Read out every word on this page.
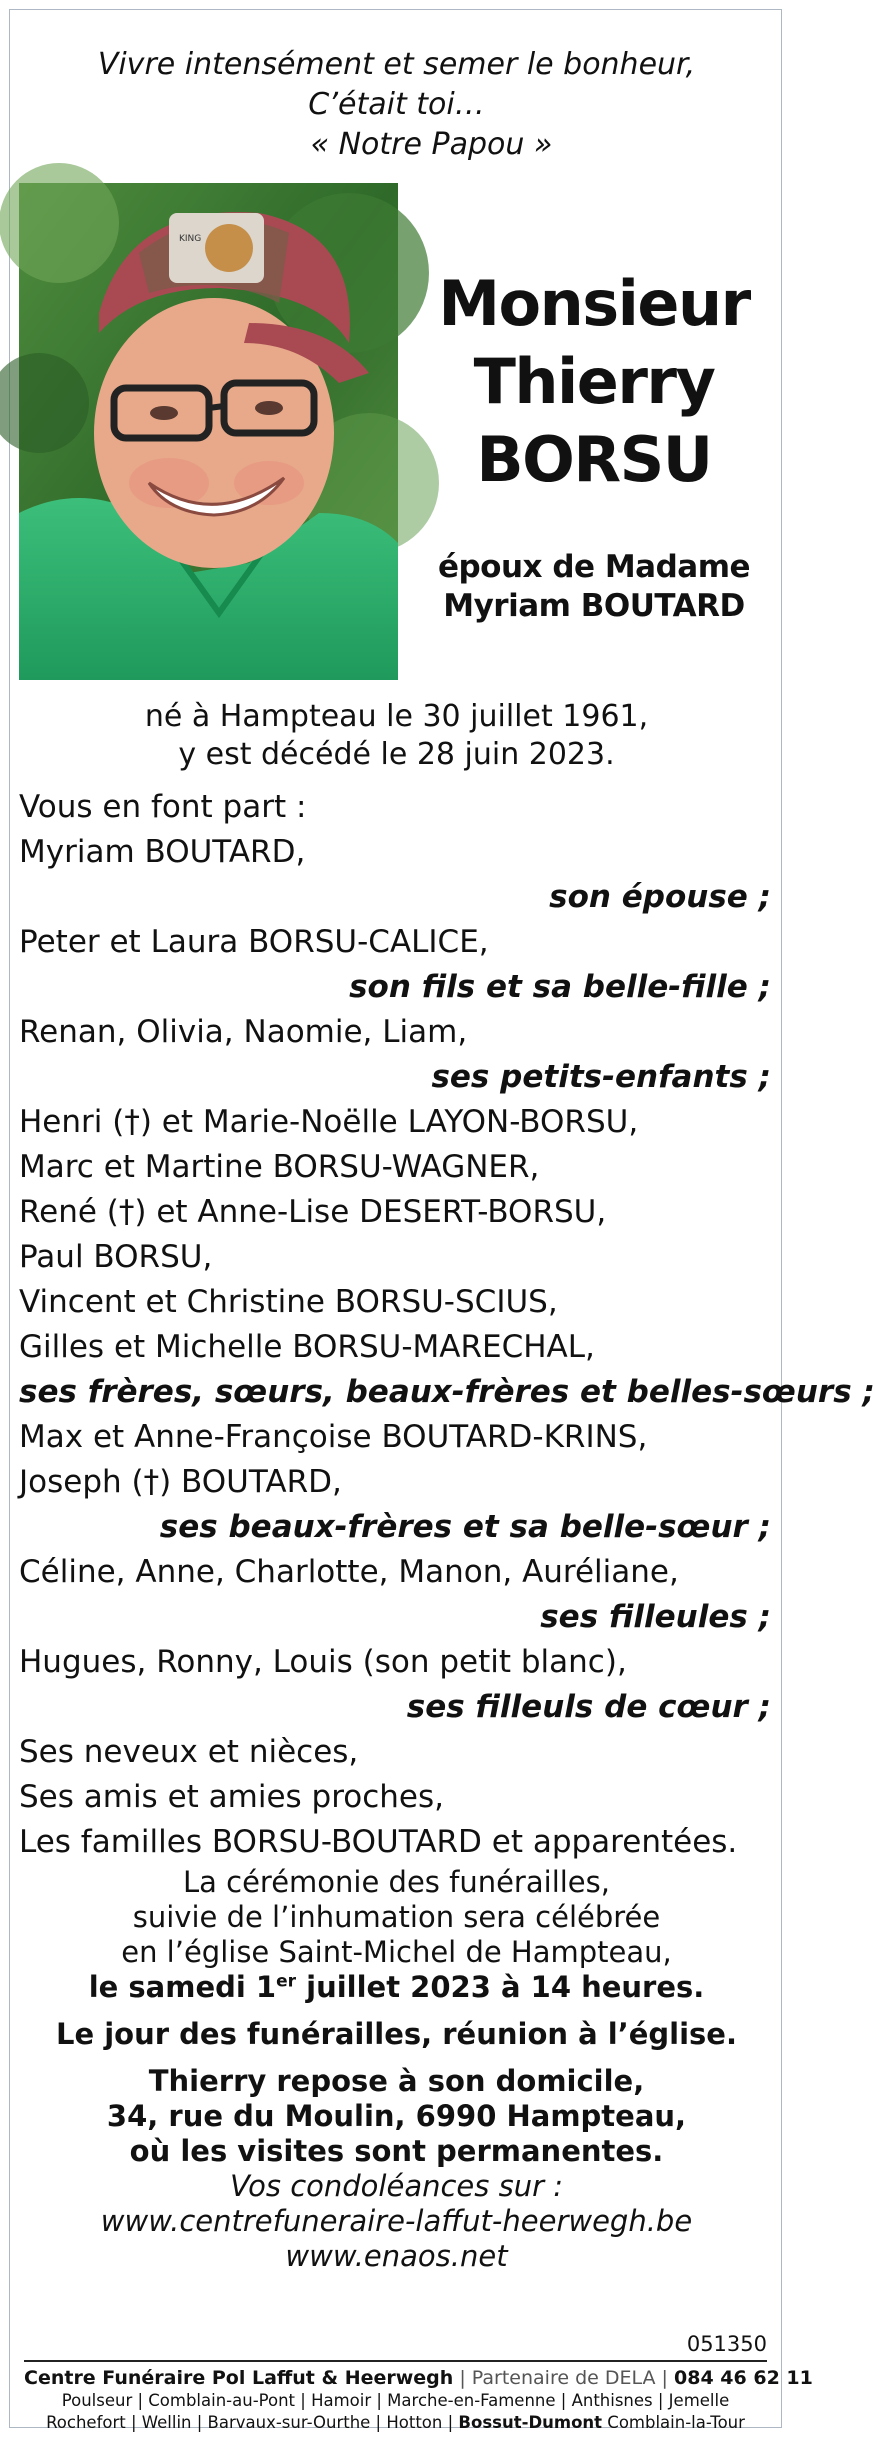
Vivre intensément et semer le bonheur,
C’était toi…
« Notre Papou »
KING
Monsieur
Thierry
BORSU
époux de Madame
Myriam BOUTARD
né à Hampteau le 30 juillet 1961,
y est décédé le 28 juin 2023.
Vous en font part :
Myriam BOUTARD,
son épouse ;
Peter et Laura BORSU-CALICE,
son fils et sa belle-fille ;
Renan, Olivia, Naomie, Liam,
ses petits-enfants ;
Henri (†) et Marie-Noëlle LAYON-BORSU,
Marc et Martine BORSU-WAGNER,
René (†) et Anne-Lise DESERT-BORSU,
Paul BORSU,
Vincent et Christine BORSU-SCIUS,
Gilles et Michelle BORSU-MARECHAL,
ses frères, sœurs, beaux-frères et belles-sœurs ;
Max et Anne-Françoise BOUTARD-KRINS,
Joseph (†) BOUTARD,
ses beaux-frères et sa belle-sœur ;
Céline, Anne, Charlotte, Manon, Auréliane,
ses filleules ;
Hugues, Ronny, Louis (son petit blanc),
ses filleuls de cœur ;
Ses neveux et nièces,
Ses amis et amies proches,
Les familles BORSU-BOUTARD et apparentées.
La cérémonie des funérailles,
suivie de l’inhumation sera célébrée
en l’église Saint-Michel de Hampteau,
le samedi 1er juillet 2023 à 14 heures.
Le jour des funérailles, réunion à l’église.
Thierry repose à son domicile,
34, rue du Moulin, 6990 Hampteau,
où les visites sont permanentes.
Vos condoléances sur :
www.centrefuneraire-laffut-heerwegh.be
www.enaos.net
051350
Centre Funéraire Pol Laffut & Heerwegh | Partenaire de DELA | 084 46 62 11
Poulseur | Comblain-au-Pont | Hamoir | Marche-en-Famenne | Anthisnes | Jemelle
Rochefort | Wellin | Barvaux-sur-Ourthe | Hotton | Bossut-Dumont Comblain-la-Tour
